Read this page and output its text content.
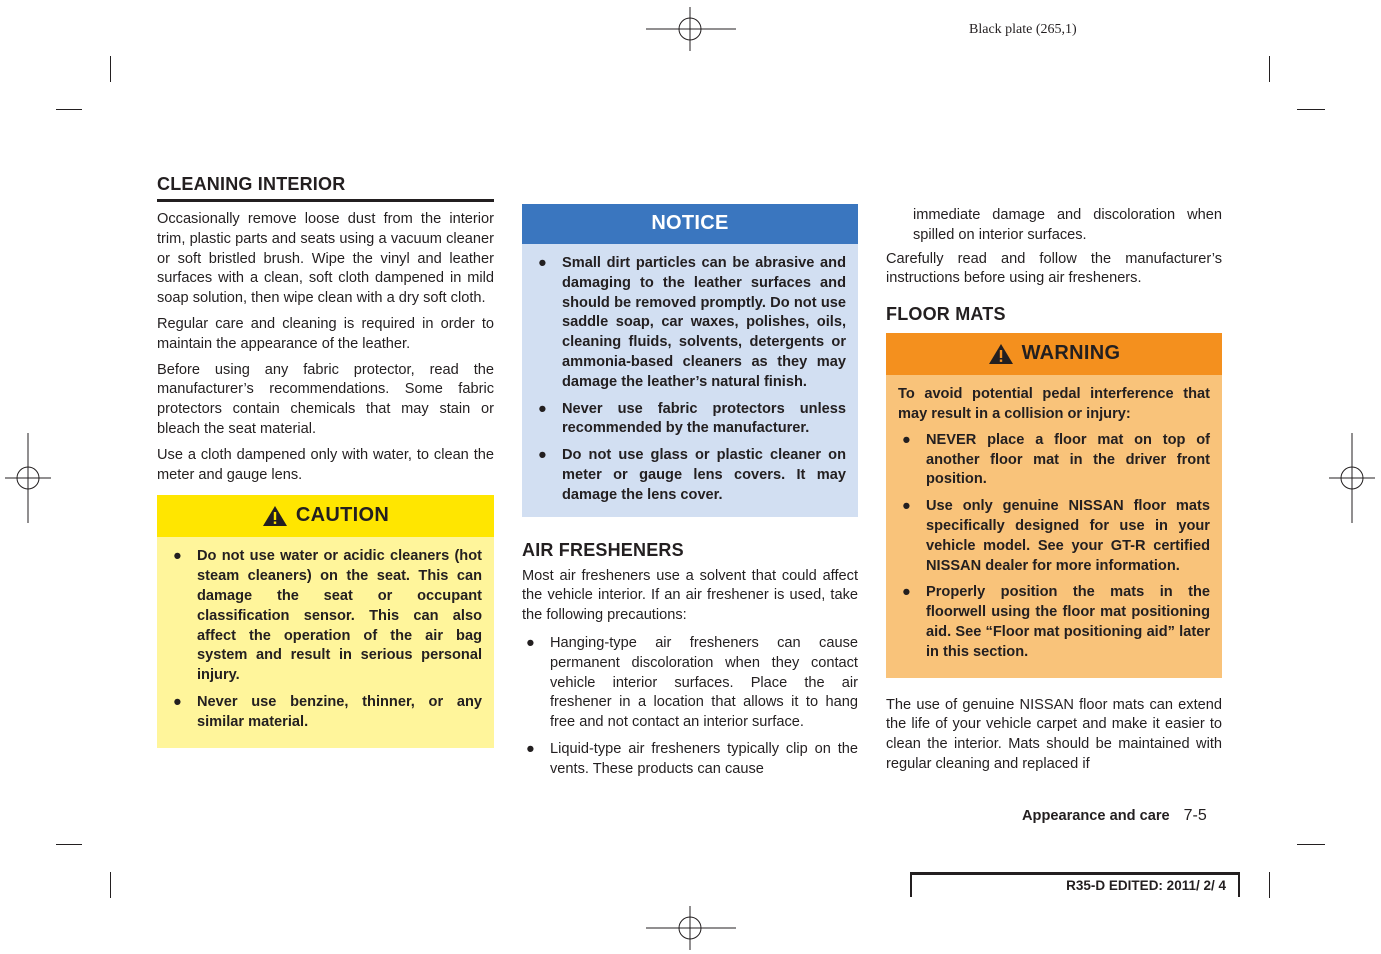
Black plate (265,1)
CLEANING INTERIOR

Occasionally remove loose dust from the interior trim, plastic parts and seats using a vacuum cleaner or soft bristled brush. Wipe the vinyl and leather surfaces with a clean, soft cloth dampened in mild soap solution, then wipe clean with a dry soft cloth.

Regular care and cleaning is required in order to maintain the appearance of the leather.

Before using any fabric protector, read the manufacturer’s recommendations. Some fabric protectors contain chemicals that may stain or bleach the seat material.

Use a cloth dampened only with water, to clean the meter and gauge lens.

CAUTION
● Do not use water or acidic cleaners (hot steam cleaners) on the seat. This can damage the seat or occupant classification sensor. This can also affect the operation of the air bag system and result in serious personal injury.
● Never use benzine, thinner, or any similar material.
NOTICE
● Small dirt particles can be abrasive and damaging to the leather surfaces and should be removed promptly. Do not use saddle soap, car waxes, polishes, oils, cleaning fluids, solvents, detergents or ammonia-based cleaners as they may damage the leather’s natural finish.
● Never use fabric protectors unless recommended by the manufacturer.
● Do not use glass or plastic cleaner on meter or gauge lens covers. It may damage the lens cover.
AIR FRESHENERS

Most air fresheners use a solvent that could affect the vehicle interior. If an air freshener is used, take the following precautions:

● Hanging-type air fresheners can cause permanent discoloration when they contact vehicle interior surfaces. Place the air freshener in a location that allows it to hang free and not contact an interior surface.
● Liquid-type air fresheners typically clip on the vents. These products can cause

immediate damage and discoloration when spilled on interior surfaces.

Carefully read and follow the manufacturer’s instructions before using air fresheners.

FLOOR MATS
WARNING

To avoid potential pedal interference that may result in a collision or injury:

● NEVER place a floor mat on top of another floor mat in the driver front position.
● Use only genuine NISSAN floor mats specifically designed for use in your vehicle model. See your GT-R certified NISSAN dealer for more information.
● Properly position the mats in the floorwell using the floor mat positioning aid. See “Floor mat positioning aid” later in this section.

The use of genuine NISSAN floor mats can extend the life of your vehicle carpet and make it easier to clean the interior. Mats should be maintained with regular cleaning and replaced if

Appearance and care 7-5
R35-D EDITED: 2011/ 2/ 4
